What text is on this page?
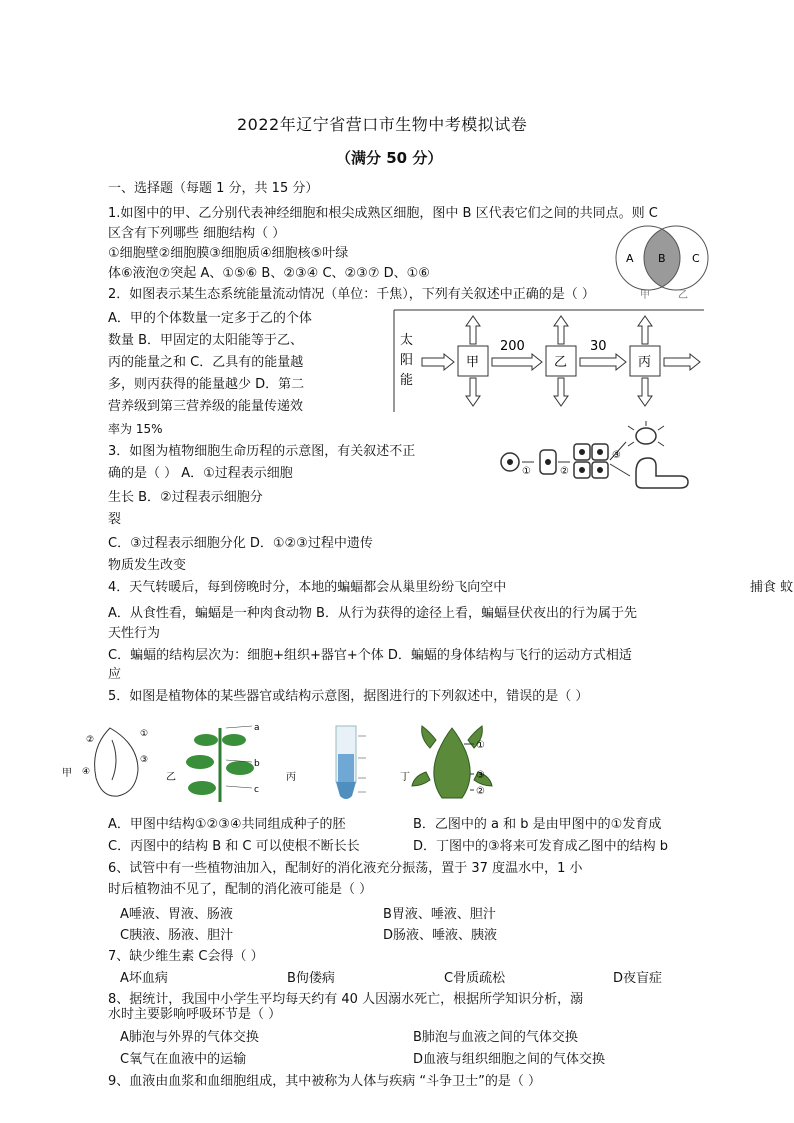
2022年辽宁省营口市生物中考模拟试卷
（满分 50 分）
一、选择题（每题 1 分，共 15 分）
1.如图中的甲、乙分别代表神经细胞和根尖成熟区细胞，图中 B 区代表它们之间的共同点。则 C
区含有下列哪些 细胞结构（ ）
①细胞壁②细胞膜③细胞质④细胞核⑤叶绿
体⑥液泡⑦突起 A、①⑤⑥ B、②③④ C、②③⑦ D、①⑥
A B C
甲	乙
2．如图表示某生态系统能量流动情况（单位：千焦），下列有关叙述中正确的是（ ）
A．甲的个体数量一定多于乙的个体
数量 B．甲固定的太阳能等于乙、
丙的能量之和 C．乙具有的能量越
多，则丙获得的能量越少 D．第二
营养级到第三营养级的能量传递效
率为 15%
太
阳
能
甲
200
乙
30
丙
3．如图为植物细胞生命历程的示意图，有关叙述不正
确的是（ ） A．①过程表示细胞
生长 B．②过程表示细胞分
裂
C．③过程表示细胞分化 D．①②③过程中遗传
物质发生改变
①	②
③
4．天气转暖后，每到傍晚时分，本地的蝙蝠都会从巢里纷纷飞向空中	捕食 蚊
A．从食性看，蝙蝠是一种肉食动物 B．从行为获得的途径上看，蝙蝠昼伏夜出的行为属于先
天性行为
C．蝙蝠的结构层次为：细胞+组织+器官+个体 D．蝙蝠的身体结构与飞行的运动方式相适
应
5．如图是植物体的某些器官或结构示意图，据图进行的下列叙述中，错误的是（ ）
甲
②
①
③
④	乙
a
b
c
丙	丁
①
③
②
A．甲图中结构①②③④共同组成种子的胚	B．乙图中的 a 和 b 是由甲图中的①发育成
C．丙图中的结构 B 和 C 可以使根不断长长	D．丁图中的③将来可发育成乙图中的结构 b
6、试管中有一些植物油加入，配制好的消化液充分振荡，置于 37 度温水中，1 小
时后植物油不见了，配制的消化液可能是（ ）
A唾液、胃液、肠液	B胃液、唾液、胆汁
C胰液、肠液、胆汁	D肠液、唾液、胰液
7、缺少维生素 C会得（ ）
A坏血病	B佝偻病	C骨质疏松	D夜盲症
8、据统计，我国中小学生平均每天约有 40 人因溺水死亡，根据所学知识分析，溺
水时主要影响呼吸环节是（ ）
A肺泡与外界的气体交换	B肺泡与血液之间的气体交换
C氧气在血液中的运输	D血液与组织细胞之间的气体交换
9、血液由血浆和血细胞组成，其中被称为人体与疾病 “斗争卫士”的是（ ）
